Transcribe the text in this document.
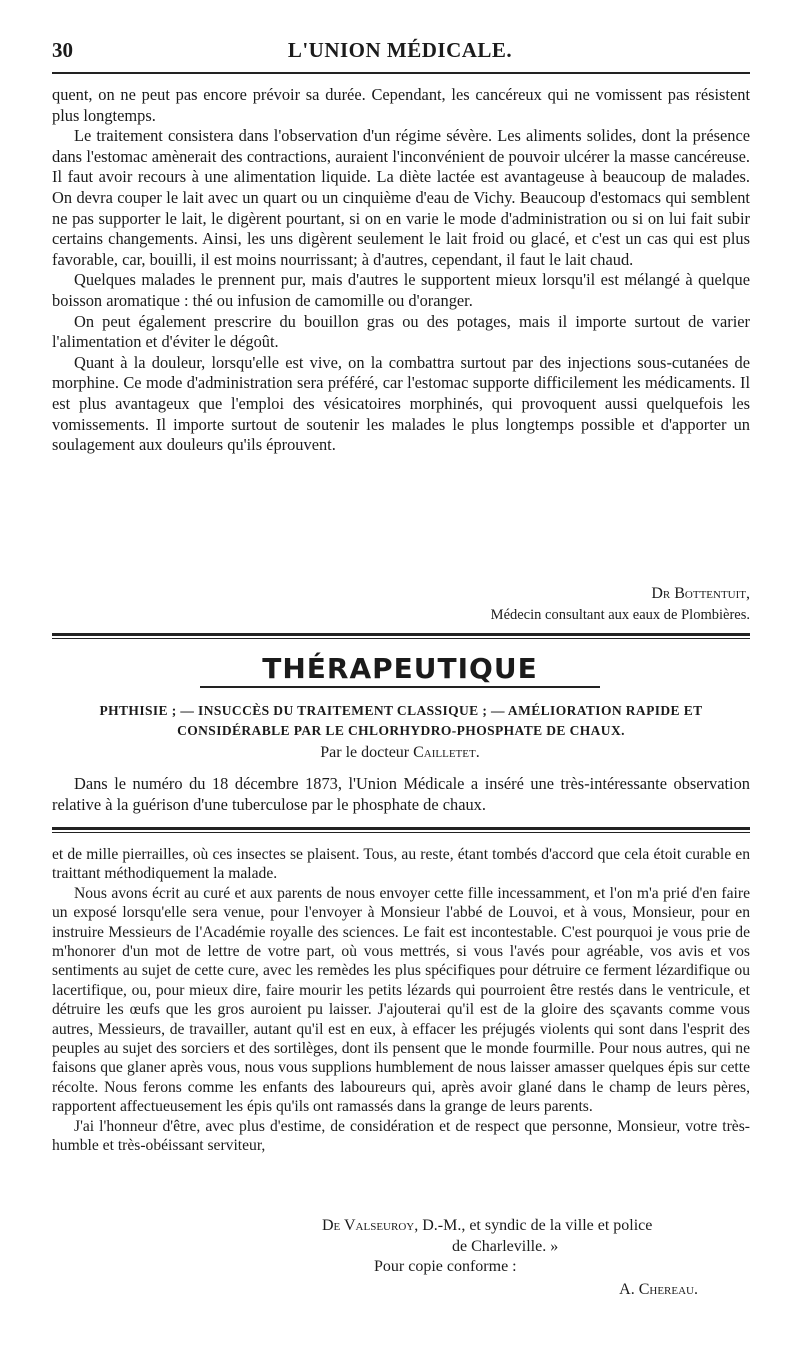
30	L'UNION MÉDICALE.

quent, on ne peut pas encore prévoir sa durée. Cependant, les cancéreux qui ne vomissent pas résistent plus longtemps.

Le traitement consistera dans l'observation d'un régime sévère. Les aliments solides, dont la présence dans l'estomac amènerait des contractions, auraient l'inconvénient de pouvoir ulcérer la masse cancéreuse. Il faut avoir recours à une alimentation liquide. La diète lactée est avantageuse à beaucoup de malades. On devra couper le lait avec un quart ou un cinquième d'eau de Vichy. Beaucoup d'estomacs qui semblent ne pas supporter le lait, le digèrent pourtant, si on en varie le mode d'administration ou si on lui fait subir certains changements. Ainsi, les uns digèrent seulement le lait froid ou glacé, et c'est un cas qui est plus favorable, car, bouilli, il est moins nourrissant; à d'autres, cependant, il faut le lait chaud.

Quelques malades le prennent pur, mais d'autres le supportent mieux lorsqu'il est mélangé à quelque boisson aromatique : thé ou infusion de camomille ou d'oranger.

On peut également prescrire du bouillon gras ou des potages, mais il importe surtout de varier l'alimentation et d'éviter le dégoût.

Quant à la douleur, lorsqu'elle est vive, on la combattra surtout par des injections sous-cutanées de morphine. Ce mode d'administration sera préféré, car l'estomac supporte difficilement les médicaments. Il est plus avantageux que l'emploi des vésicatoires morphinés, qui provoquent aussi quelquefois les vomissements. Il importe surtout de soutenir les malades le plus longtemps possible et d'apporter un soulagement aux douleurs qu'ils éprouvent.

Dr Bottentuit,
Médecin consultant aux eaux de Plombières.
THÉRAPEUTIQUE
PHTHISIE ; — INSUCCÈS DU TRAITEMENT CLASSIQUE ; — AMÉLIORATION RAPIDE ET
CONSIDÉRABLE PAR LE CHLORHYDRO-PHOSPHATE DE CHAUX.
Par le docteur Cailletet.

Dans le numéro du 18 décembre 1873, l'Union Médicale a inséré une très-intéressante observation relative à la guérison d'une tuberculose par le phosphate de chaux.

et de mille pierrailles, où ces insectes se plaisent. Tous, au reste, étant tombés d'accord que cela étoit curable en traittant méthodiquement la malade.

Nous avons écrit au curé et aux parents de nous envoyer cette fille incessamment, et l'on m'a prié d'en faire un exposé lorsqu'elle sera venue, pour l'envoyer à Monsieur l'abbé de Louvoi, et à vous, Monsieur, pour en instruire Messieurs de l'Académie royalle des sciences. Le fait est incontestable. C'est pourquoi je vous prie de m'honorer d'un mot de lettre de votre part, où vous mettrés, si vous l'avés pour agréable, vos avis et vos sentiments au sujet de cette cure, avec les remèdes les plus spécifiques pour détruire ce ferment lézardifique ou lacertifique, ou, pour mieux dire, faire mourir les petits lézards qui pourroient être restés dans le ventricule, et détruire les œufs que les gros auroient pu laisser. J'ajouterai qu'il est de la gloire des sçavants comme vous autres, Messieurs, de travailler, autant qu'il est en eux, à effacer les préjugés violents qui sont dans l'esprit des peuples au sujet des sorciers et des sortilèges, dont ils pensent que le monde fourmille. Pour nous autres, qui ne faisons que glaner après vous, nous vous supplions humblement de nous laisser amasser quelques épis sur cette récolte. Nous ferons comme les enfants des laboureurs qui, après avoir glané dans le champ de leurs pères, rapportent affectueusement les épis qu'ils ont ramassés dans la grange de leurs parents.

J'ai l'honneur d'être, avec plus d'estime, de considération et de respect que personne, Monsieur, votre très-humble et très-obéissant serviteur,

De Valseuroy, D.-M., et syndic de la ville et police
de Charleville. »
Pour copie conforme :
A. Chereau.
